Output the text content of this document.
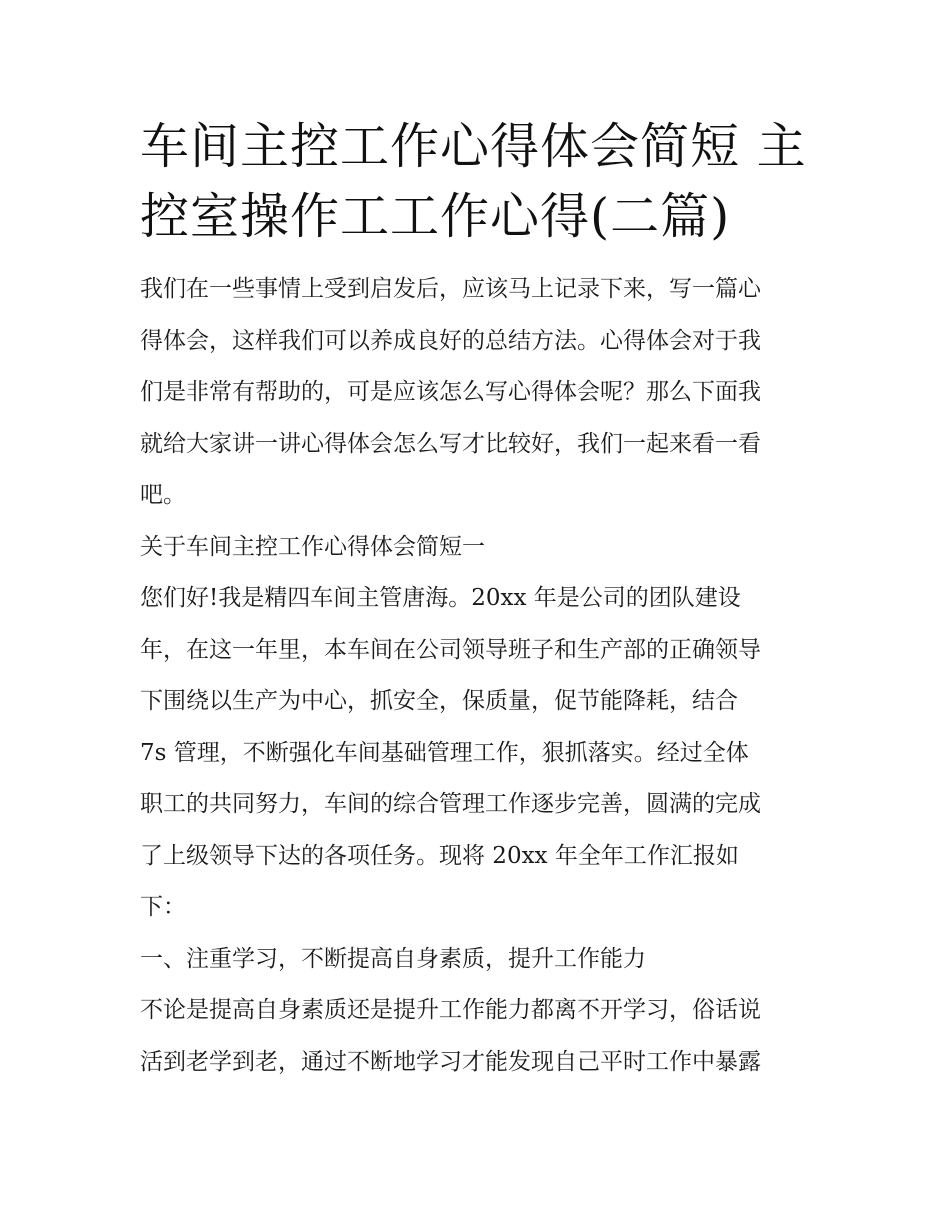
车间主控工作心得体会简短 主
控室操作工工作心得(二篇)

我们在一些事情上受到启发后，应该马上记录下来，写一篇心

得体会，这样我们可以养成良好的总结方法。心得体会对于我

们是非常有帮助的，可是应该怎么写心得体会呢？那么下面我

就给大家讲一讲心得体会怎么写才比较好，我们一起来看一看

吧。

关于车间主控工作心得体会简短一

您们好!我是精四车间主管唐海。20xx 年是公司的团队建设

年，在这一年里，本车间在公司领导班子和生产部的正确领导

下围绕以生产为中心，抓安全，保质量，促节能降耗，结合

7s 管理，不断强化车间基础管理工作，狠抓落实。经过全体

职工的共同努力，车间的综合管理工作逐步完善，圆满的完成

了上级领导下达的各项任务。现将 20xx 年全年工作汇报如

下：

一、注重学习，不断提高自身素质，提升工作能力

不论是提高自身素质还是提升工作能力都离不开学习，俗话说

活到老学到老，通过不断地学习才能发现自己平时工作中暴露
